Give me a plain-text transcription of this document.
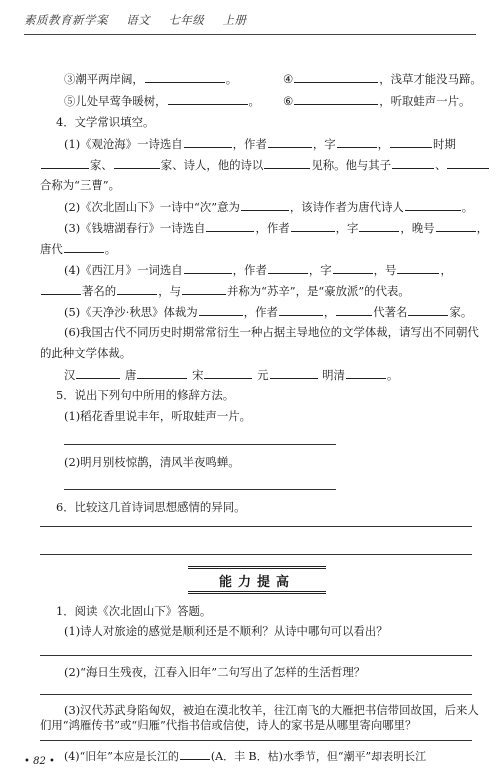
素质教育新学案 语文 七年级 上册
③潮平两岸阔，	。	④	，浅草才能没马蹄。
⑤儿处早莺争暖树，	。 ⑥	，听取蛙声一片。
4．文学常识填空。
(1)《观沧海》一诗选自	，作者	，字	，	时期
家、	家、诗人，他的诗以	见称。他与其子	、
合称为“三曹”。
(2)《次北固山下》一诗中“次”意为	，该诗作者为唐代诗人	。
(3)《钱塘湖春行》一诗选自	，作者	，字	，晚号	，
唐代	。
(4)《西江月》一词选自	，作者	，字	，号	，
著名的	，与	并称为“苏辛”，是“豪放派”的代表。
(5)《天净沙·秋思》体裁为	，作者	，	代著名	家。
(6)我国古代不同历史时期常常衍生一种占据主导地位的文学体裁，请写出不同朝代
的此种文学体裁。
汉	唐	宋	元	明清	。
5．说出下列句中所用的修辞方法。
(1)稻花香里说丰年，听取蛙声一片。
(2)明月别枝惊鹊，清风半夜鸣蝉。
6．比较这几首诗词思想感情的异同。
能力提高
1．阅读《次北固山下》答题。
(1)诗人对旅途的感觉是顺利还是不顺利？从诗中哪句可以看出？
(2)“海日生残夜，江春入旧年”二句写出了怎样的生活哲理？
(3)汉代苏武身陷匈奴，被迫在漠北牧羊，往江南飞的大雁把书信带回故国，后来人
们用“鸿雁传书”或“归雁”代指书信或信使，诗人的家书是从哪里寄向哪里？
(4)“旧年”本应是长江的	(A．丰 B．枯)水季节，但“潮平”却表明长江
• 82 •
